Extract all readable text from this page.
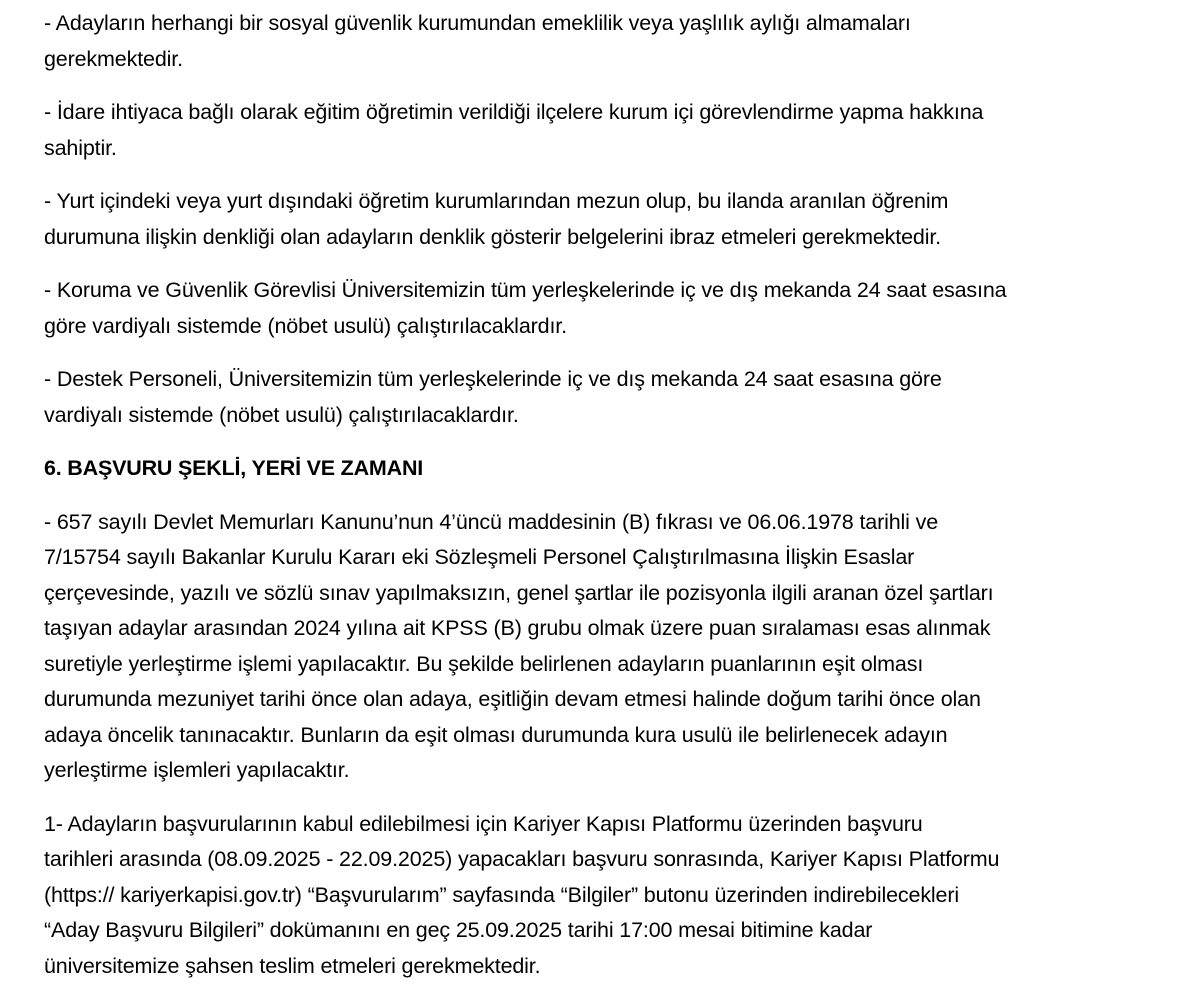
- Adayların herhangi bir sosyal güvenlik kurumundan emeklilik veya yaşlılık aylığı almamaları
gerekmektedir.
- İdare ihtiyaca bağlı olarak eğitim öğretimin verildiği ilçelere kurum içi görevlendirme yapma hakkına
sahiptir.
- Yurt içindeki veya yurt dışındaki öğretim kurumlarından mezun olup, bu ilanda aranılan öğrenim
durumuna ilişkin denkliği olan adayların denklik gösterir belgelerini ibraz etmeleri gerekmektedir.
- Koruma ve Güvenlik Görevlisi Üniversitemizin tüm yerleşkelerinde iç ve dış mekanda 24 saat esasına
göre vardiyalı sistemde (nöbet usulü) çalıştırılacaklardır.
- Destek Personeli, Üniversitemizin tüm yerleşkelerinde iç ve dış mekanda 24 saat esasına göre
vardiyalı sistemde (nöbet usulü) çalıştırılacaklardır.
6. BAŞVURU ŞEKLİ, YERİ VE ZAMANI
- 657 sayılı Devlet Memurları Kanunu’nun 4’üncü maddesinin (B) fıkrası ve 06.06.1978 tarihli ve
7/15754 sayılı Bakanlar Kurulu Kararı eki Sözleşmeli Personel Çalıştırılmasına İlişkin Esaslar
çerçevesinde, yazılı ve sözlü sınav yapılmaksızın, genel şartlar ile pozisyonla ilgili aranan özel şartları
taşıyan adaylar arasından 2024 yılına ait KPSS (B) grubu olmak üzere puan sıralaması esas alınmak
suretiyle yerleştirme işlemi yapılacaktır. Bu şekilde belirlenen adayların puanlarının eşit olması
durumunda mezuniyet tarihi önce olan adaya, eşitliğin devam etmesi halinde doğum tarihi önce olan
adaya öncelik tanınacaktır. Bunların da eşit olması durumunda kura usulü ile belirlenecek adayın
yerleştirme işlemleri yapılacaktır.
1- Adayların başvurularının kabul edilebilmesi için Kariyer Kapısı Platformu üzerinden başvuru
tarihleri arasında (08.09.2025 - 22.09.2025) yapacakları başvuru sonrasında, Kariyer Kapısı Platformu
(https:// kariyerkapisi.gov.tr) “Başvurularım” sayfasında “Bilgiler” butonu üzerinden indirebilecekleri
“Aday Başvuru Bilgileri” dokümanını en geç 25.09.2025 tarihi 17:00 mesai bitimine kadar
üniversitemize şahsen teslim etmeleri gerekmektedir.
